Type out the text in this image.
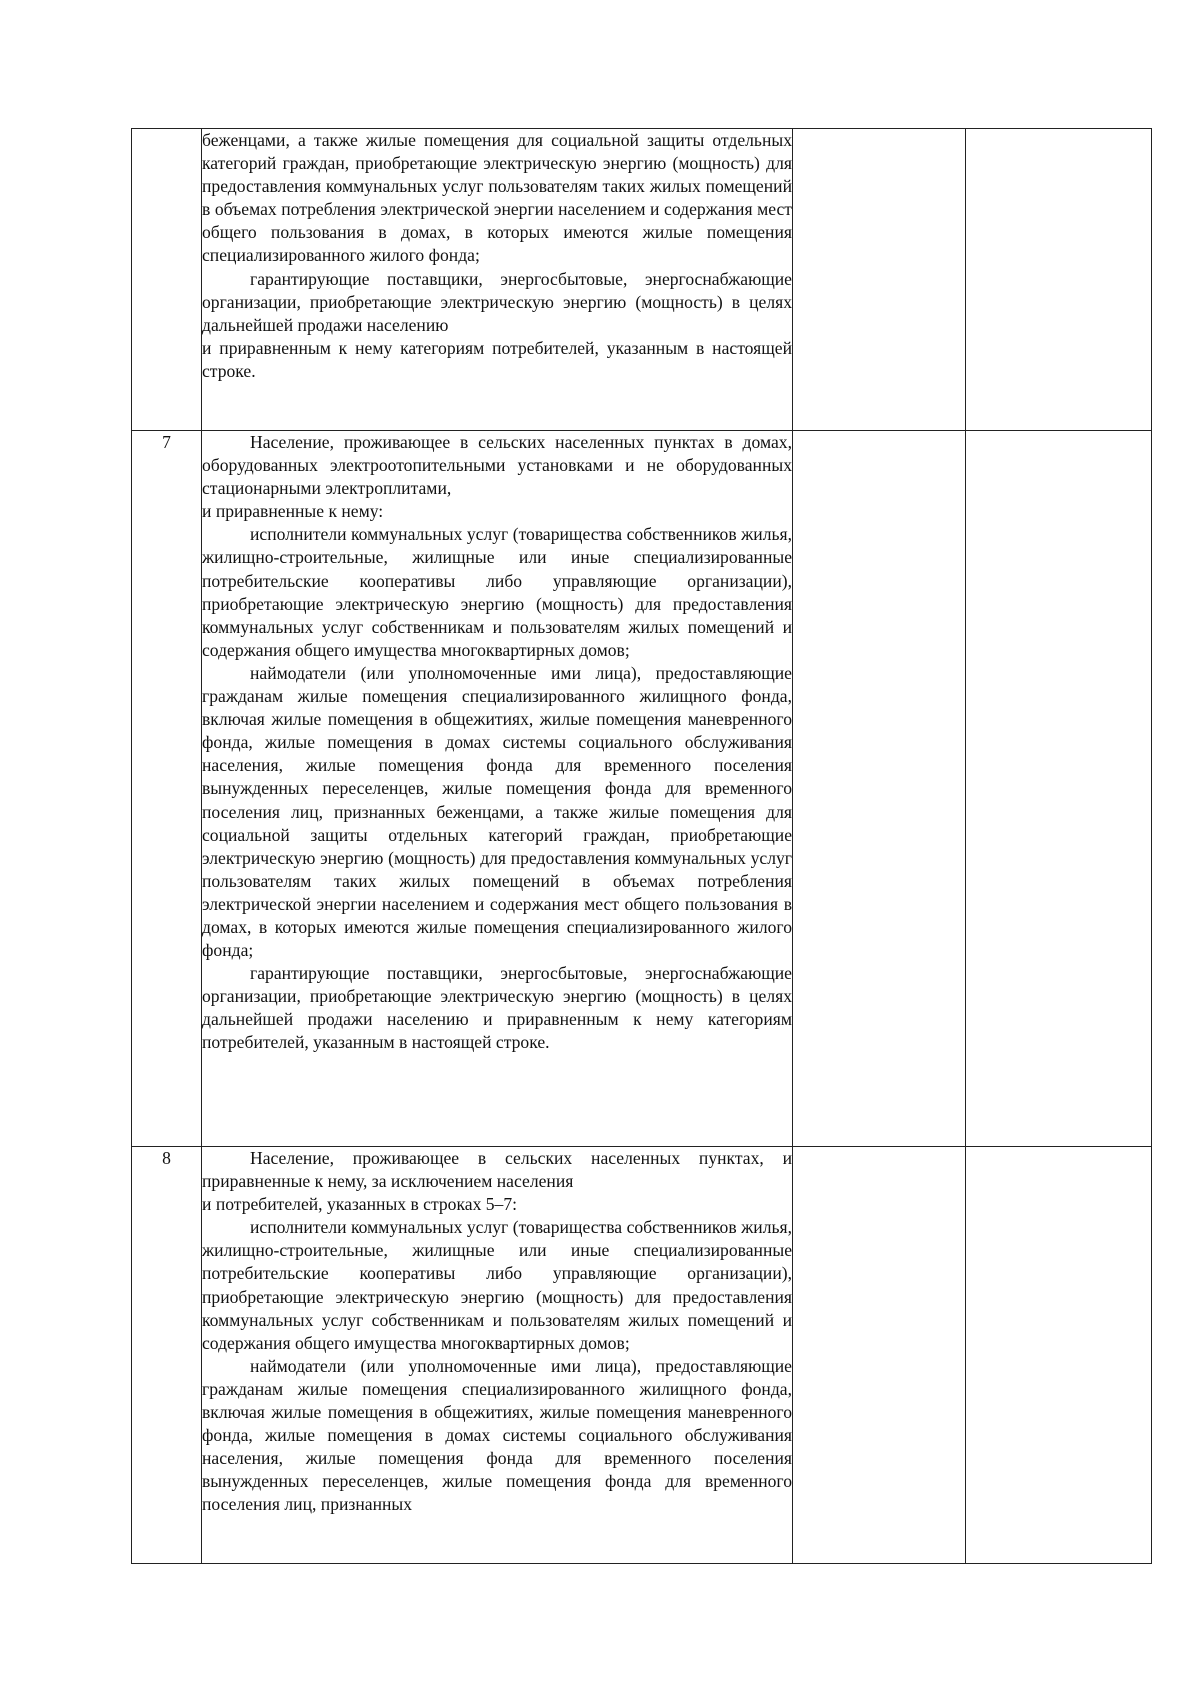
	беженцами, а также жилые помещения для социальной защиты отдельных категорий граждан, приобретающие электрическую энергию (мощность) для предоставления коммунальных услуг пользователям таких жилых помещений в объемах потребления электрической энергии населением и содержания мест общего пользования в домах, в которых имеются жилые помещения специализированного жилого фонда;

гарантирующие поставщики, энергосбытовые, энергоснабжающие организации, приобретающие электрическую энергию (мощность) в целях дальнейшей продажи населению

и приравненным к нему категориям потребителей, указанным в настоящей строке.		

7	Население, проживающее в сельских населенных пунктах в домах, оборудованных электроотопительными установками и не оборудованных стационарными электроплитами,

и приравненные к нему:

исполнители коммунальных услуг (товарищества собственников жилья, жилищно-строительные, жилищные или иные специализированные потребительские кооперативы либо управляющие организации), приобретающие электрическую энергию (мощность) для предоставления коммунальных услуг собственникам и пользователям жилых помещений и содержания общего имущества многоквартирных домов;

наймодатели (или уполномоченные ими лица), предоставляющие гражданам жилые помещения специализированного жилищного фонда, включая жилые помещения в общежитиях, жилые помещения маневренного фонда, жилые помещения в домах системы социального обслуживания населения, жилые помещения фонда для временного поселения вынужденных переселенцев, жилые помещения фонда для временного поселения лиц, признанных беженцами, а также жилые помещения для социальной защиты отдельных категорий граждан, приобретающие электрическую энергию (мощность) для предоставления коммунальных услуг пользователям таких жилых помещений в объемах потребления электрической энергии населением и содержания мест общего пользования в домах, в которых имеются жилые помещения специализированного жилого фонда;

гарантирующие поставщики, энергосбытовые, энергоснабжающие организации, приобретающие электрическую энергию (мощность) в целях дальнейшей продажи населению и приравненным к нему категориям потребителей, указанным в настоящей строке.		

8	Население, проживающее в сельских населенных пунктах, и приравненные к нему, за исключением населения

и потребителей, указанных в строках 5–7:

исполнители коммунальных услуг (товарищества собственников жилья, жилищно-строительные, жилищные или иные специализированные потребительские кооперативы либо управляющие организации), приобретающие электрическую энергию (мощность) для предоставления коммунальных услуг собственникам и пользователям жилых помещений и содержания общего имущества многоквартирных домов;

наймодатели (или уполномоченные ими лица), предоставляющие гражданам жилые помещения специализированного жилищного фонда, включая жилые помещения в общежитиях, жилые помещения маневренного фонда, жилые помещения в домах системы социального обслуживания населения, жилые помещения фонда для временного поселения вынужденных переселенцев, жилые помещения фонда для временного поселения лиц, признанных		
